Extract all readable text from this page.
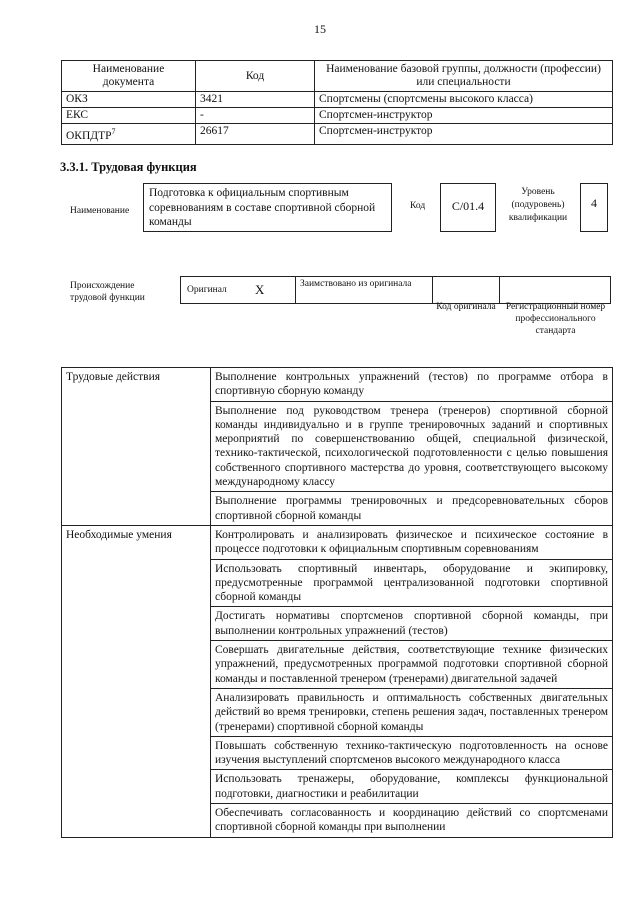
15
Наименование документа	Код	Наименование базовой группы, должности (профессии) или специальности
ОКЗ	3421	Спортсмены (спортсмены высокого класса)
ЕКС	-	Спортсмен-инструктор
ОКПДТР$^7$	26617	Спортсмен-инструктор
3.3.1. Трудовая функция
Наименование
Подготовка к официальным спортивным соревнованиям в составе спортивной сборной команды
Код	С/01.4
Уровень (подуровень) квалификации
4
Происхождение трудовой функции
Оригинал X	Заимствовано из оригинала
Код оригинала	Регистрационный номер профессионального стандарта
Трудовые действия	Выполнение контрольных упражнений (тестов) по программе отбора в спортивную сборную команду
	Выполнение под руководством тренера (тренеров) спортивной сборной команды индивидуально и в группе тренировочных заданий и спортивных мероприятий по совершенствованию общей, специальной физической, технико-тактической, психологической подготовленности с целью повышения собственного спортивного мастерства до уровня, соответствующего высокому международному классу
	Выполнение программы тренировочных и предсоревновательных сборов спортивной сборной команды
Необходимые умения	Контролировать и анализировать физическое и психическое состояние в процессе подготовки к официальным спортивным соревнованиям
	Использовать спортивный инвентарь, оборудование и экипировку, предусмотренные программой централизованной подготовки спортивной сборной команды
	Достигать нормативы спортсменов спортивной сборной команды, при выполнении контрольных упражнений (тестов)
	Совершать двигательные действия, соответствующие технике физических упражнений, предусмотренных программой подготовки спортивной сборной команды и поставленной тренером (тренерами) двигательной задачей
	Анализировать правильность и оптимальность собственных двигательных действий во время тренировки, степень решения задач, поставленных тренером (тренерами) спортивной сборной команды
	Повышать собственную технико-тактическую подготовленность на основе изучения выступлений спортсменов высокого международного класса
	Использовать тренажеры, оборудование, комплексы функциональной подготовки, диагностики и реабилитации
	Обеспечивать согласованность и координацию действий со спортсменами спортивной сборной команды при выполнении
